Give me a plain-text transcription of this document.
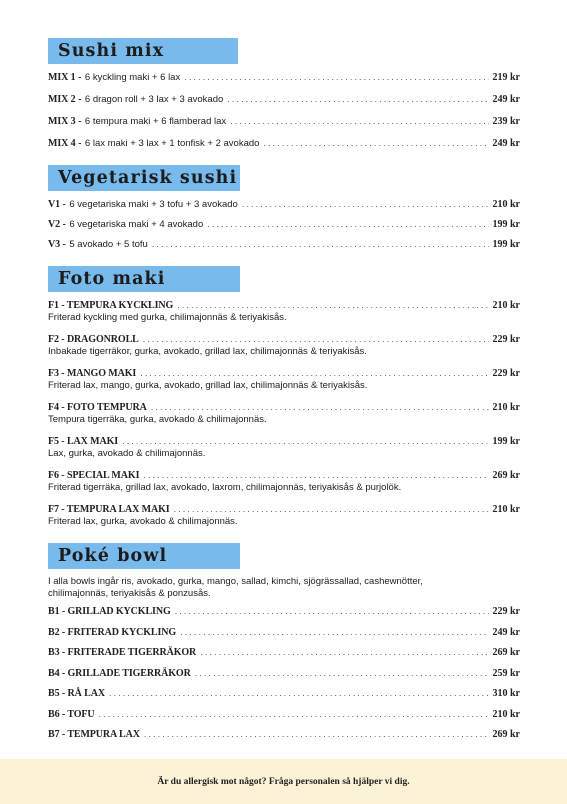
Sushi mix
MIX 1 - 6 kyckling maki + 6 lax . . .	219 kr
MIX 2 - 6 dragon roll + 3 lax + 3 avokado . . .	249 kr
MIX 3 - 6 tempura maki + 6 flamberad lax . . .	239 kr
MIX 4 - 6 lax maki + 3 lax + 1 tonfisk + 2 avokado . . .	249 kr
Vegetarisk sushi
V1 - 6 vegetariska maki + 3 tofu + 3 avokado . . .	210 kr
V2 - 6 vegetariska maki + 4 avokado . . .	199 kr
V3 - 5 avokado + 5 tofu . . .	199 kr
Foto maki
F1 - TEMPURA KYCKLING . . .	210 kr
Friterad kyckling med gurka, chilimajonnäs & teriyakisås.
F2 - DRAGONROLL . . .	229 kr
Inbakade tigerräkor, gurka, avokado, grillad lax, chilimajonnäs & teriyakisås.
F3 - MANGO MAKI . . .	229 kr
Friterad lax, mango, gurka, avokado, grillad lax, chilimajonnäs & teriyakisås.
F4 - FOTO TEMPURA . . .	210 kr
Tempura tigerräka, gurka, avokado & chilimajonnäs.
F5 - LAX MAKI . . .	199 kr
Lax, gurka, avokado & chilimajonnäs.
F6 - SPECIAL MAKI . . .	269 kr
Friterad tigerräka, grillad lax, avokado, laxrom, chilimajonnäs, teriyakisås & purjolök.
F7 - TEMPURA LAX MAKI . . .	210 kr
Friterad lax, gurka, avokado & chilimajonnäs.
Poké bowl
I alla bowls ingår ris, avokado, gurka, mango, sallad, kimchi, sjögrässallad, cashewnötter, chilimajonnäs, teriyakisås & ponzusås.
B1 - GRILLAD KYCKLING . . .	229 kr
B2 - FRITERAD KYCKLING . . .	249 kr
B3 - FRITERADE TIGERRÄKOR . . .	269 kr
B4 - GRILLADE TIGERRÄKOR . . .	259 kr
B5 - RÅ LAX . . .	310 kr
B6 - TOFU . . .	210 kr
B7 - TEMPURA LAX . . .	269 kr
Är du allergisk mot något? Fråga personalen så hjälper vi dig.
